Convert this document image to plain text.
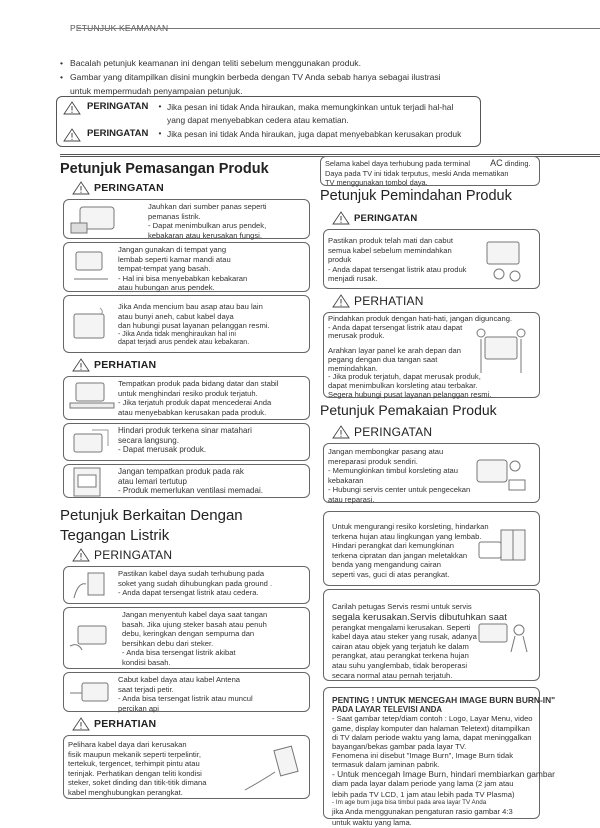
PETUNJUK KEAMANAN
• Bacalah petunjuk keamanan ini dengan teliti sebelum menggunakan produk.
• Gambar yang ditampilkan disini mungkin berbeda dengan TV Anda sebab hanya sebagai ilustrasi
untuk mempermudah penyampaian petunjuk.
PERINGATAN	• Jika pesan ini tidak Anda hiraukan, maka memungkinkan untuk terjadi hal-hal
yang dapat menyebabkan cedera atau kematian.
PERINGATAN	• Jika pesan ini tidak Anda hiraukan, juga dapat menyebabkan kerusakan produk
Petunjuk Pemasangan Produk
PERINGATAN
Jauhkan dari sumber panas seperti
pemanas listrik.
- Dapat menimbulkan arus pendek,
kebakaran atau kerusakan fungsi.
Jangan gunakan di tempat yang
lembab seperti kamar mandi atau
tempat-tempat yang basah.
- Hal ini bisa menyebabkan kebakaran
atau hubungan arus pendek.
Jika Anda mencium bau asap atau bau lain
atau bunyi aneh, cabut kabel daya
dan hubungi pusat layanan pelanggan resmi.
- Jika Anda tidak menghiraukan hal ini
dapat terjadi arus pendek atau kebakaran.
PERHATIAN
Tempatkan produk pada bidang datar dan stabil
untuk menghindari resiko produk terjatuh.
- Jika terjatuh produk dapat mencederai Anda
atau menyebabkan kerusakan pada produk.
Hindari produk terkena sinar matahari
secara langsung.
- Dapat merusak produk.
Jangan tempatkan produk pada rak
atau lemari tertutup
- Produk memerlukan ventilasi memadai.
Petunjuk Berkaitan Dengan
Tegangan Listrik
PERINGATAN
Pastikan kabel daya sudah terhubung pada
soket yang sudah dihubungkan pada ground .
- Anda dapat tersengat listrik atau cedera.
Jangan menyentuh kabel daya saat tangan
basah. Jika ujung steker basah atau penuh
debu, keringkan dengan sempurna dan
bersihkan debu dari steker.
- Anda bisa tersengat listrik akibat
kondisi basah.
Cabut kabel daya atau kabel Antena
saat terjadi petir.
- Anda bisa tersengat listrik atau muncul
percikan api
PERHATIAN
Pelihara kabel daya dari kerusakan
fisik maupun mekanik seperti terpelintir,
tertekuk, tergencet, terhimpit pintu atau
terinjak. Perhatikan dengan teliti kondisi
steker, soket dinding dan titik-titik dimana
kabel menghubungkan perangkat.
Selama kabel daya terhubung pada terminal AC dinding.
Daya pada TV ini tidak terputus, meski Anda mematikan
TV menggunakan tombol daya.
Petunjuk Pemindahan Produk
PERINGATAN
Pastikan produk telah mati dan cabut
semua kabel sebelum memindahkan
produk
- Anda dapat tersengat listrik atau produk
menjadi rusak.
PERHATIAN
Pindahkan produk dengan hati-hati, jangan diguncang.
- Anda dapat tersengat listrik atau dapat
merusak produk.
Arahkan layar panel ke arah depan dan
pegang dengan dua tangan saat
memindahkan.
- Jika produk terjatuh, dapat merusak produk,
dapat menimbulkan korsleting atau terbakar.
Segera hubungi pusat layanan pelanggan resmi.
Petunjuk Pemakaian Produk
PERINGATAN
Jangan membongkar pasang atau
mereparasi produk sendiri.
- Memungkinkan timbul korsleting atau
kebakaran
- Hubungi servis center untuk pengecekan
atau reparasi.
Untuk mengurangi resiko korsleting, hindarkan
terkena hujan atau lingkungan yang lembab.
Hindari perangkat dari kemungkinan
terkena cipratan dan jangan meletakkan
benda yang mengandung cairan
seperti vas, guci di atas perangkat.
Carilah petugas Servis resmi untuk servis
segala kerusakan.Servis dibutuhkan saat
perangkat mengalami kerusakan. Seperti
kabel daya atau steker yang rusak, adanya
cairan atau objek yang terjatuh ke dalam
perangkat, atau perangkat terkena hujan
atau suhu yanglembab, tidak beroperasi
secara normal atau pernah terjatuh.
PENTING ! UNTUK MENCEGAH IMAGE BURN BURN-IN"
PADA LAYAR TELEVISI ANDA
- Saat gambar tetep/diam contoh : Logo, Layar Menu, video
game, display komputer dan halaman Teletext) ditampilkan
di TV dalam periode waktu yang lama, dapat meninggalkan
bayangan/bekas gambar pada layar TV.
Fenomena ini disebut "Image Burn", Image Burn tidak
termasuk dalam jaminan pabrik.
- Untuk mencegah Image Burn, hindari membiarkan gambar
diam pada layar dalam periode yang lama (2 jam atau
lebih pada TV LCD, 1 jam atau lebih pada TV Plasma)
- Im age burn juga bisa timbul pada area layar TV Anda
jika Anda menggunakan pengaturan rasio gambar 4:3
untuk waktu yang lama.
